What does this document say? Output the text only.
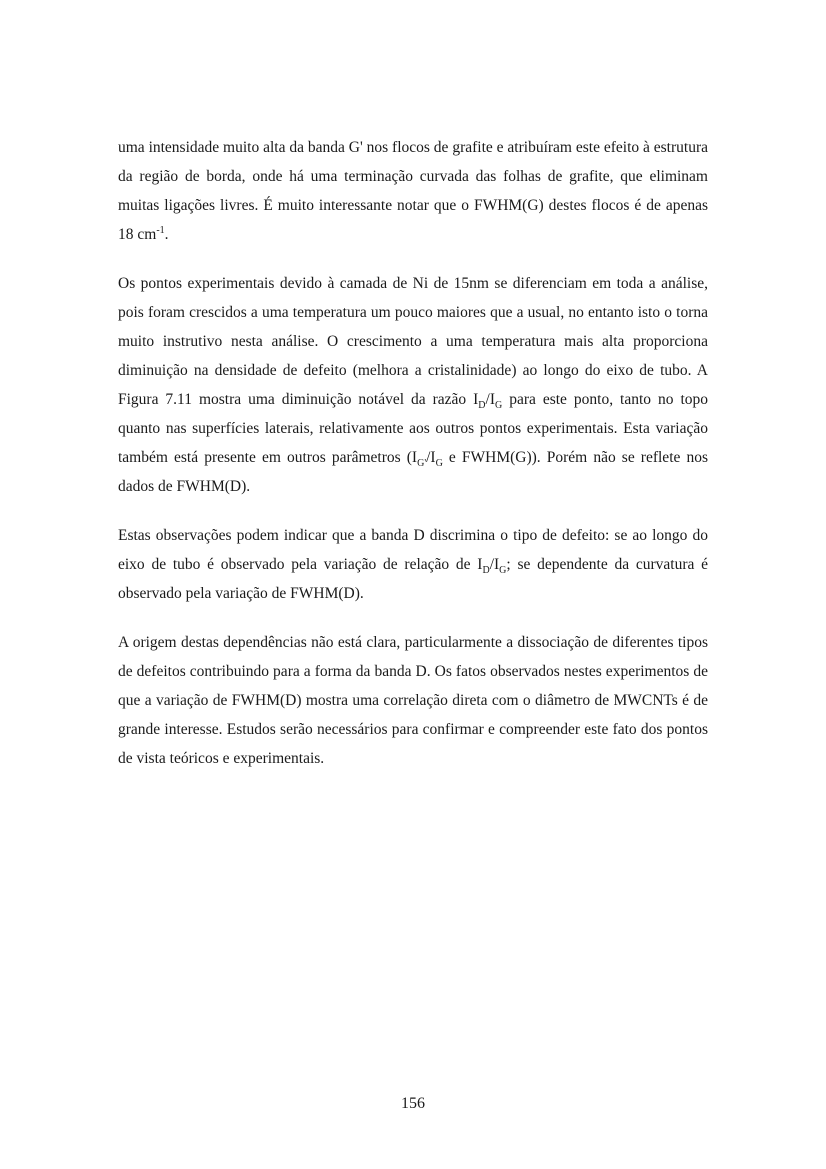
uma intensidade muito alta da banda G' nos flocos de grafite e atribuíram este efeito à estrutura da região de borda, onde há uma terminação curvada das folhas de grafite, que eliminam muitas ligações livres. É muito interessante notar que o FWHM(G) destes flocos é de apenas 18 $cm^{-1}$.

Os pontos experimentais devido à camada de Ni de 15nm se diferenciam em toda a análise, pois foram crescidos a uma temperatura um pouco maiores que a usual, no entanto isto o torna muito instrutivo nesta análise. O crescimento a uma temperatura mais alta proporciona diminuição na densidade de defeito (melhora a cristalinidade) ao longo do eixo de tubo. A Figura 7.11 mostra uma diminuição notável da razão $I_D/I_G$ para este ponto, tanto no topo quanto nas superfícies laterais, relativamente aos outros pontos experimentais. Esta variação também está presente em outros parâmetros ($I_{G'}/I_G$ e FWHM(G)). Porém não se reflete nos dados de FWHM(D).

Estas observações podem indicar que a banda D discrimina o tipo de defeito: se ao longo do eixo de tubo é observado pela variação de relação de $I_D/I_G$; se dependente da curvatura é observado pela variação de FWHM(D).

A origem destas dependências não está clara, particularmente a dissociação de diferentes tipos de defeitos contribuindo para a forma da banda D. Os fatos observados nestes experimentos de que a variação de FWHM(D) mostra uma correlação direta com o diâmetro de MWCNTs é de grande interesse. Estudos serão necessários para confirmar e compreender este fato dos pontos de vista teóricos e experimentais.

156
